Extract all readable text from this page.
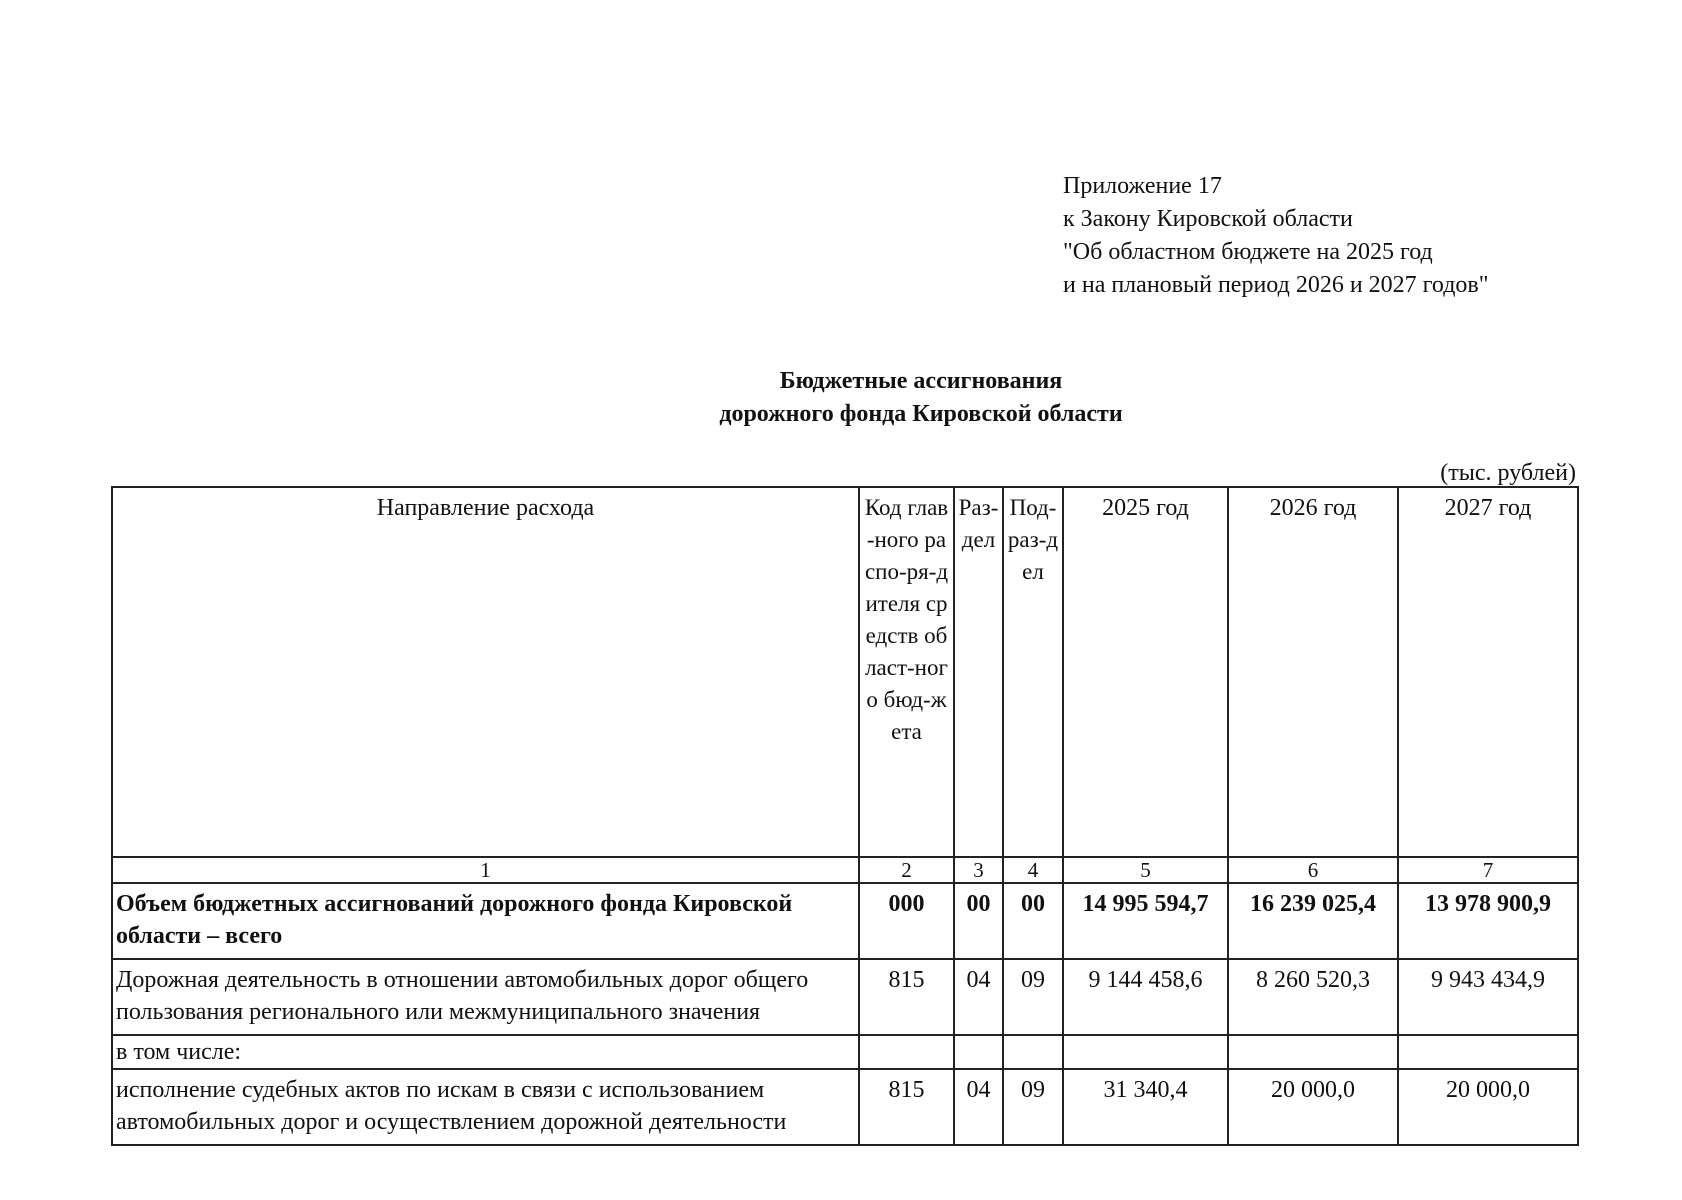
Приложение 17
к Закону Кировской области
"Об областном бюджете на 2025 год
и на плановый период 2026 и 2027 годов"
Бюджетные ассигнования
дорожного фонда Кировской области
(тыс. рублей)
Направление расхода	Код глав-ного распо-ря-дителя средств област-ного бюд-жета	Раз-дел	Под-раз-дел	2025 год	2026 год	2027 год
1	2	3	4	5	6	7
Объем бюджетных ассигнований дорожного фонда Кировской области – всего	000	00	00	14 995 594,7	16 239 025,4	13 978 900,9
Дорожная деятельность в отношении автомобильных дорог общего пользования регионального или межмуниципального значения	815	04	09	9 144 458,6	8 260 520,3	9 943 434,9
в том числе:						
исполнение судебных актов по искам в связи с использованием автомобильных дорог и осуществлением дорожной деятельности	815	04	09	31 340,4	20 000,0	20 000,0
